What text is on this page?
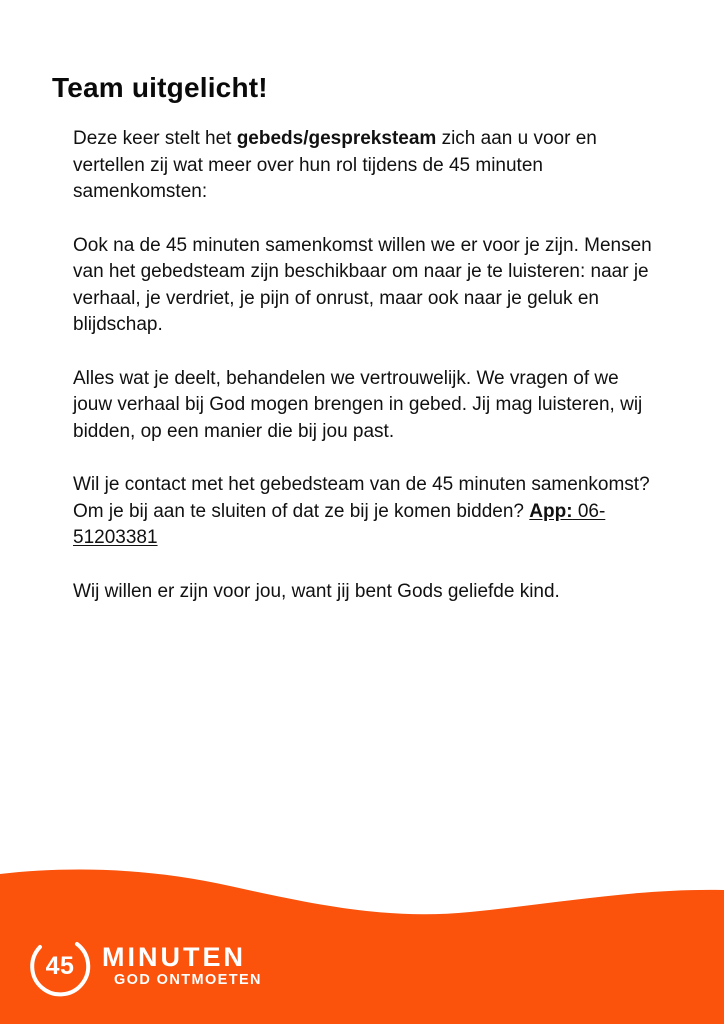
Team uitgelicht!

Deze keer stelt het gebeds/gespreksteam zich aan u voor en vertellen zij wat meer over hun rol tijdens de 45 minuten samenkomsten:

Ook na de 45 minuten samenkomst willen we er voor je zijn. Mensen van het gebedsteam zijn beschikbaar om naar je te luisteren: naar je verhaal, je verdriet, je pijn of onrust, maar ook naar je geluk en blijdschap.

Alles wat je deelt, behandelen we vertrouwelijk. We vragen of we jouw verhaal bij God mogen brengen in gebed. Jij mag luisteren, wij bidden, op een manier die bij jou past.

Wil je contact met het gebedsteam van de 45 minuten samenkomst? Om je bij aan te sluiten of dat ze bij je komen bidden? App: 06-51203381

Wij willen er zijn voor jou, want jij bent Gods geliefde kind.

45	MINUTEN
GOD ONTMOETEN
